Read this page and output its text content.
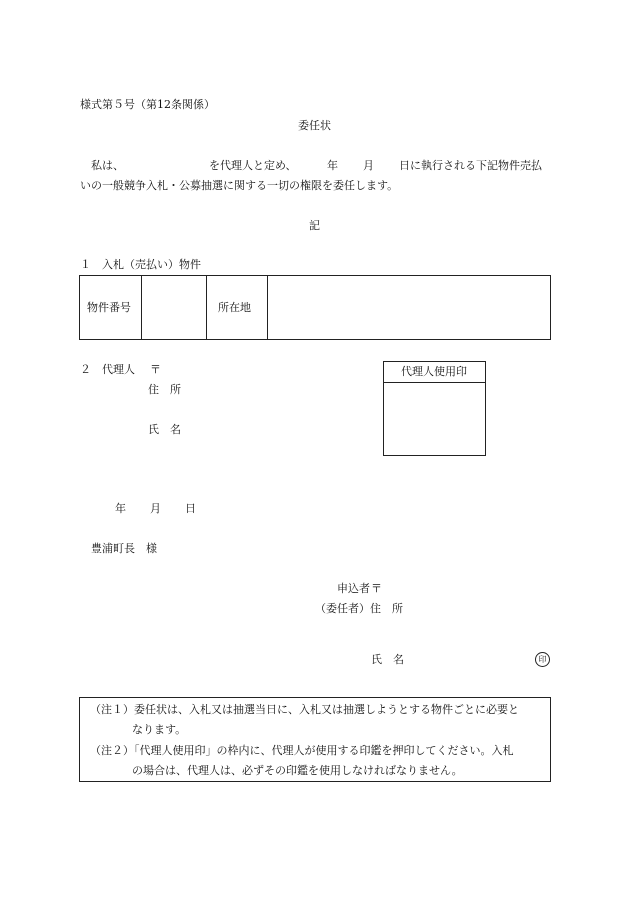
様式第５号（第12条関係）
委任状
私は、	を代理人と定め、	年 月 日に執行される下記物件売払
いの一般競争入札・公募抽選に関する一切の権限を委任します。
記
１　入札（売払い）物件
物件番号	所在地
２　代理人 〒
住　所
氏　名
代理人使用印
年 月 日
豊浦町長　様
申込者 〒
（委任者）住　所
氏　名	印
（注１）委任状は、入札又は抽選当日に、入札又は抽選しようとする物件ごとに必要と
なります。
（注２）「代理人使用印」の枠内に、代理人が使用する印鑑を押印してください。入札
の場合は、代理人は、必ずその印鑑を使用しなければなりません。
